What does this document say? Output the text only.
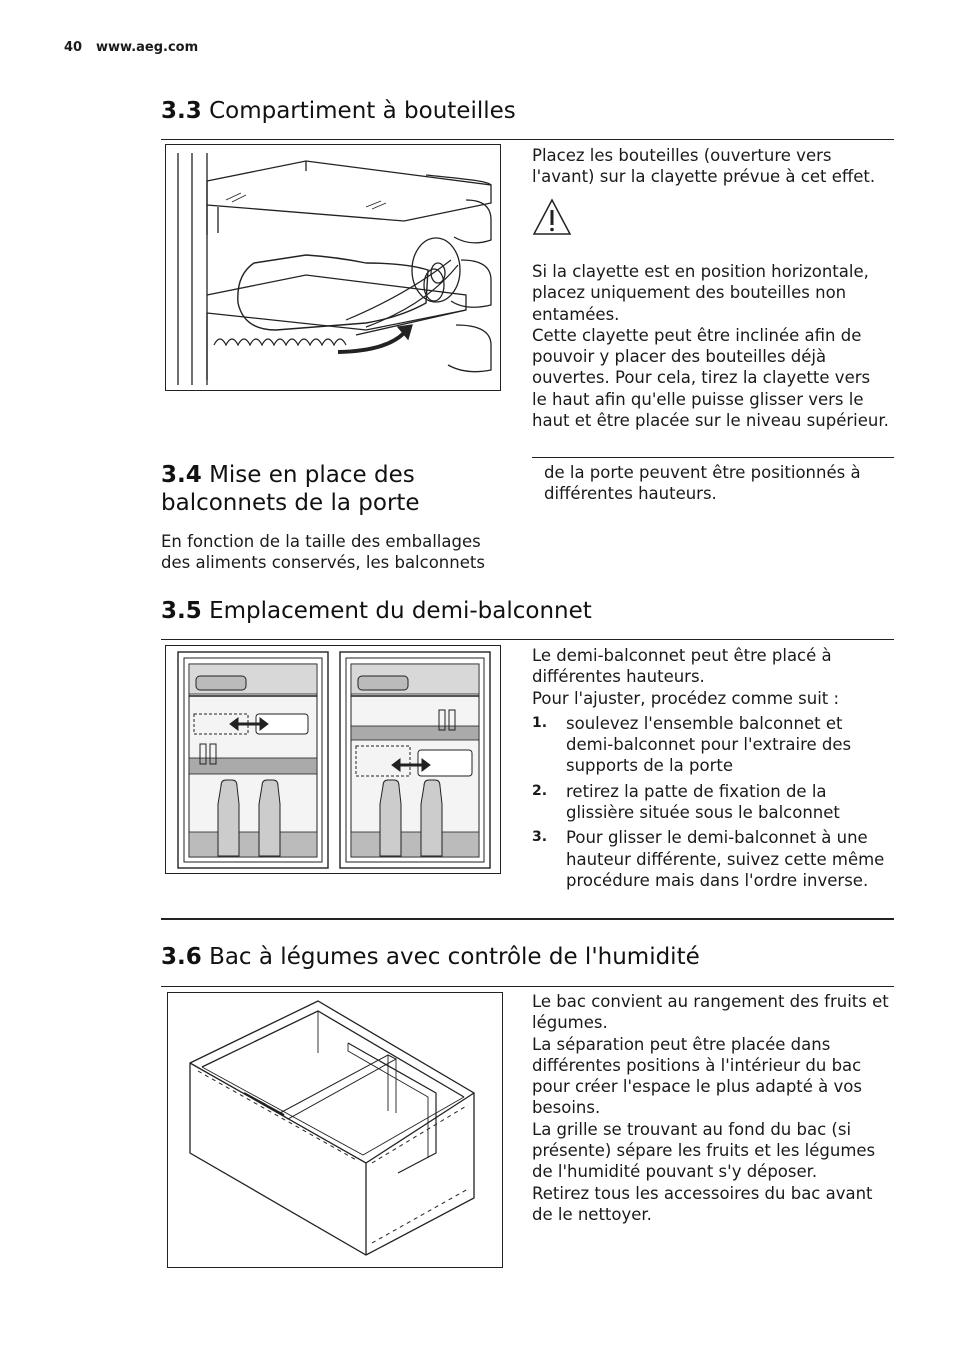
40 www.aeg.com
3.3 Compartiment à bouteilles

Placez les bouteilles (ouverture vers l'avant) sur la clayette prévue à cet effet.

Si la clayette est en position horizontale, placez uniquement des bouteilles non entamées.

Cette clayette peut être inclinée afin de pouvoir y placer des bouteilles déjà ouvertes. Pour cela, tirez la clayette vers le haut afin qu'elle puisse glisser vers le haut et être placée sur le niveau supérieur.

3.4 Mise en place des balconnets de la porte
En fonction de la taille des emballages des aliments conservés, les balconnets
de la porte peuvent être positionnés à différentes hauteurs.
3.5 Emplacement du demi-balconnet

Le demi-balconnet peut être placé à différentes hauteurs.

Pour l'ajuster, procédez comme suit :

1. soulevez l'ensemble balconnet et demi-balconnet pour l'extraire des supports de la porte
2. retirez la patte de fixation de la glissière située sous le balconnet
3. Pour glisser le demi-balconnet à une hauteur différente, suivez cette même procédure mais dans l'ordre inverse.
3.6 Bac à légumes avec contrôle de l'humidité

Le bac convient au rangement des fruits et légumes.

La séparation peut être placée dans différentes positions à l'intérieur du bac pour créer l'espace le plus adapté à vos besoins.

La grille se trouvant au fond du bac (si présente) sépare les fruits et les légumes de l'humidité pouvant s'y déposer.

Retirez tous les accessoires du bac avant de le nettoyer.
